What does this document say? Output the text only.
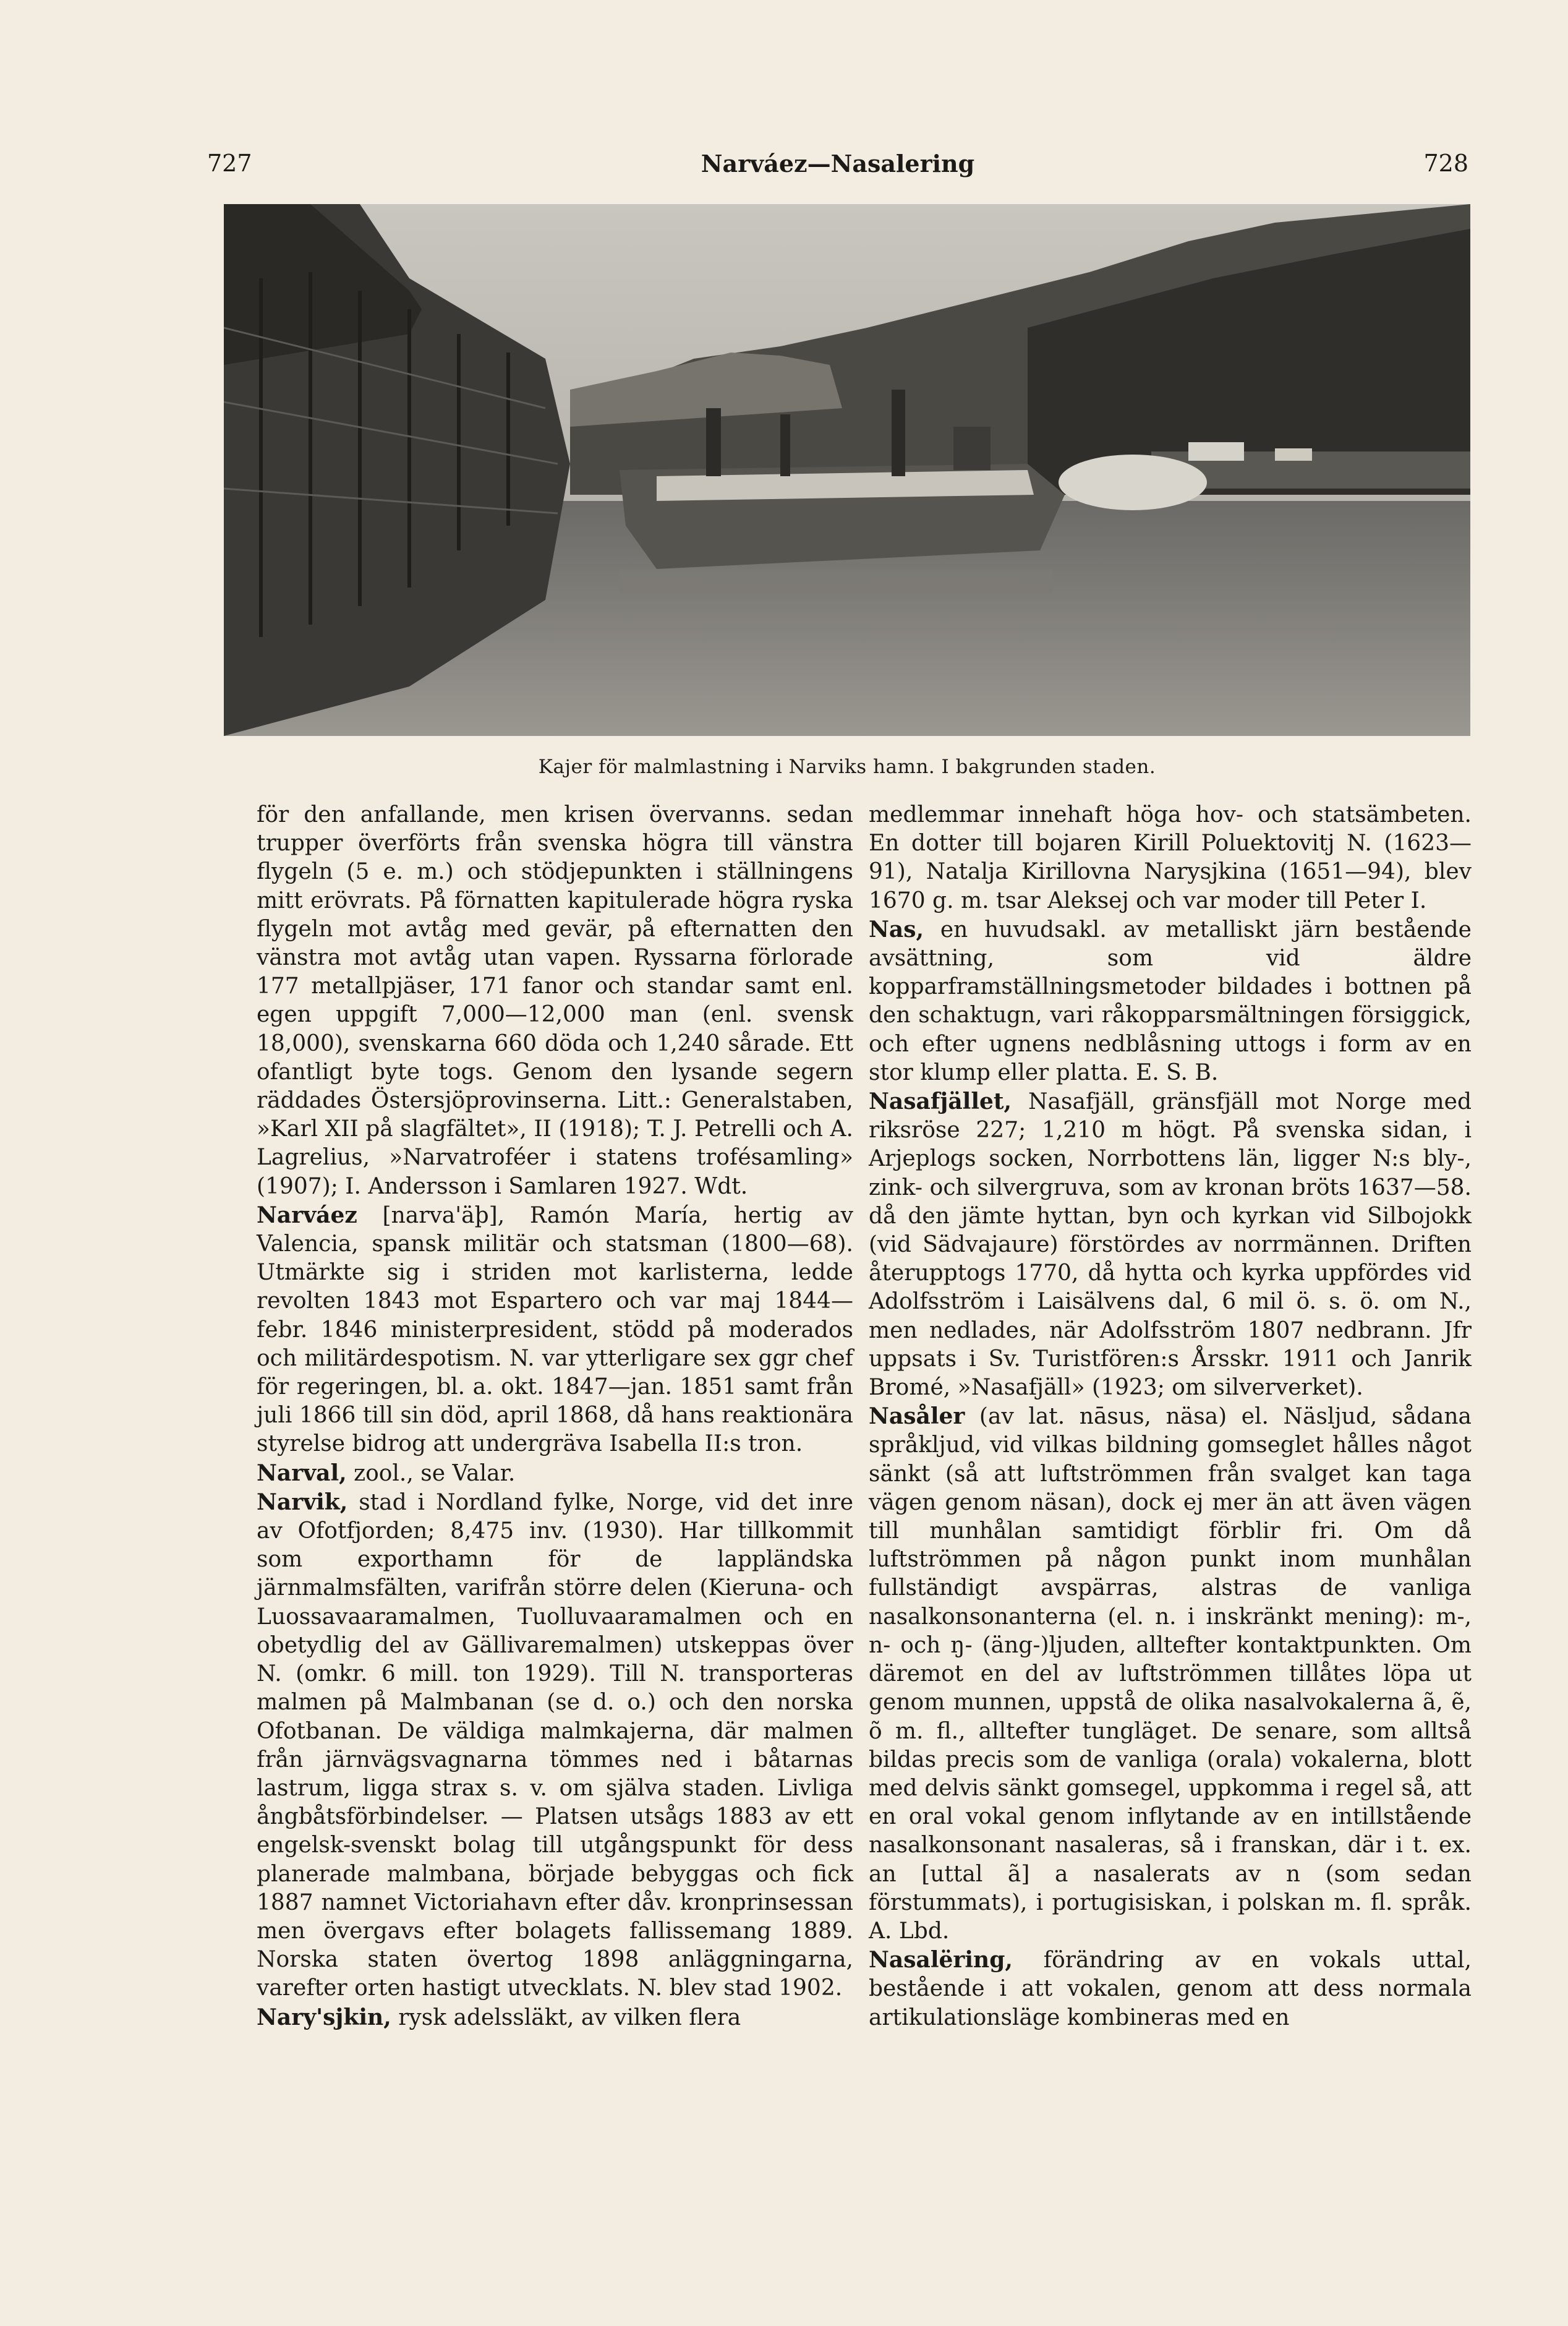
727	Narváez—Nasalering	728
Kajer för malmlastning i Narviks hamn. I bakgrunden staden.

för den anfallande, men krisen övervanns. sedan trupper överförts från svenska högra till vänstra flygeln (5 e. m.) och stödjepunkten i ställningens mitt erövrats. På förnatten kapitulerade högra ryska flygeln mot avtåg med gevär, på efternatten den vänstra mot avtåg utan vapen. Ryssarna förlorade 177 metallpjäser, 171 fanor och standar samt enl. egen uppgift 7,000—12,000 man (enl. svensk 18,000), svenskarna 660 döda och 1,240 sårade. Ett ofantligt byte togs. Genom den lysande segern räddades Östersjöprovinserna. Litt.: Generalstaben, »Karl XII på slagfältet», II (1918); T. J. Petrelli och A. Lagrelius, »Narvatroféer i statens trofésamling» (1907); I. Andersson i Samlaren 1927. Wdt.

Narváez [narva'äþ], Ramón María, hertig av Valencia, spansk militär och statsman (1800—68). Utmärkte sig i striden mot karlisterna, ledde revolten 1843 mot Espartero och var maj 1844—febr. 1846 ministerpresident, stödd på moderados och militärdespotism. N. var ytterligare sex ggr chef för regeringen, bl. a. okt. 1847—jan. 1851 samt från juli 1866 till sin död, april 1868, då hans reaktionära styrelse bidrog att undergräva Isabella II:s tron.

Narval, zool., se Valar.

Narvik, stad i Nordland fylke, Norge, vid det inre av Ofotfjorden; 8,475 inv. (1930). Har tillkommit som exporthamn för de lappländska järnmalmsfälten, varifrån större delen (Kieruna- och Luossavaaramalmen, Tuolluvaaramalmen och en obetydlig del av Gällivaremalmen) utskeppas över N. (omkr. 6 mill. ton 1929). Till N. transporteras malmen på Malmbanan (se d. o.) och den norska Ofotbanan. De väldiga malmkajerna, där malmen från järnvägsvagnarna tömmes ned i båtarnas lastrum, ligga strax s. v. om själva staden. Livliga ångbåtsförbindelser. — Platsen utsågs 1883 av ett engelsk-svenskt bolag till utgångspunkt för dess planerade malmbana, började bebyggas och fick 1887 namnet Victoriahavn efter dåv. kronprinsessan men övergavs efter bolagets fallissemang 1889. Norska staten övertog 1898 anläggningarna, varefter orten hastigt utvecklats. N. blev stad 1902.

Nary'sjkin, rysk adelssläkt, av vilken flera

medlemmar innehaft höga hov- och statsämbeten. En dotter till bojaren Kirill Poluektovitj N. (1623—91), Natalja Kirillovna Narysjkina (1651—94), blev 1670 g. m. tsar Aleksej och var moder till Peter I.

Nas, en huvudsakl. av metalliskt järn bestående avsättning, som vid äldre kopparframställningsmetoder bildades i bottnen på den schaktugn, vari råkopparsmältningen försiggick, och efter ugnens nedblåsning uttogs i form av en stor klump eller platta. E. S. B.

Nasafjället, Nasafjäll, gränsfjäll mot Norge med riksröse 227; 1,210 m högt. På svenska sidan, i Arjeplogs socken, Norrbottens län, ligger N:s bly-, zink- och silvergruva, som av kronan bröts 1637—58. då den jämte hyttan, byn och kyrkan vid Silbojokk (vid Sädvajaure) förstördes av norrmännen. Driften återupptogs 1770, då hytta och kyrka uppfördes vid Adolfsström i Laisälvens dal, 6 mil ö. s. ö. om N., men nedlades, när Adolfsström 1807 nedbrann. Jfr uppsats i Sv. Turistfören:s Årsskr. 1911 och Janrik Bromé, »Nasafjäll» (1923; om silververket).

Nasåler (av lat. nāsus, näsa) el. Näsljud, sådana språkljud, vid vilkas bildning gomseglet hålles något sänkt (så att luftströmmen från svalget kan taga vägen genom näsan), dock ej mer än att även vägen till munhålan samtidigt förblir fri. Om då luftströmmen på någon punkt inom munhålan fullständigt avspärras, alstras de vanliga nasalkonsonanterna (el. n. i inskränkt mening): m-, n- och ŋ- (äng-)ljuden, alltefter kontaktpunkten. Om däremot en del av luftströmmen tillåtes löpa ut genom munnen, uppstå de olika nasalvokalerna ã, ẽ, õ m. fl., alltefter tungläget. De senare, som alltså bildas precis som de vanliga (orala) vokalerna, blott med delvis sänkt gomsegel, uppkomma i regel så, att en oral vokal genom inflytande av en intillstående nasalkonsonant nasaleras, så i franskan, där i t. ex. an [uttal ã] a nasalerats av n (som sedan förstummats), i portugisiskan, i polskan m. fl. språk. A. Lbd.

Nasalëring, förändring av en vokals uttal, bestående i att vokalen, genom att dess normala artikulationsläge kombineras med en
